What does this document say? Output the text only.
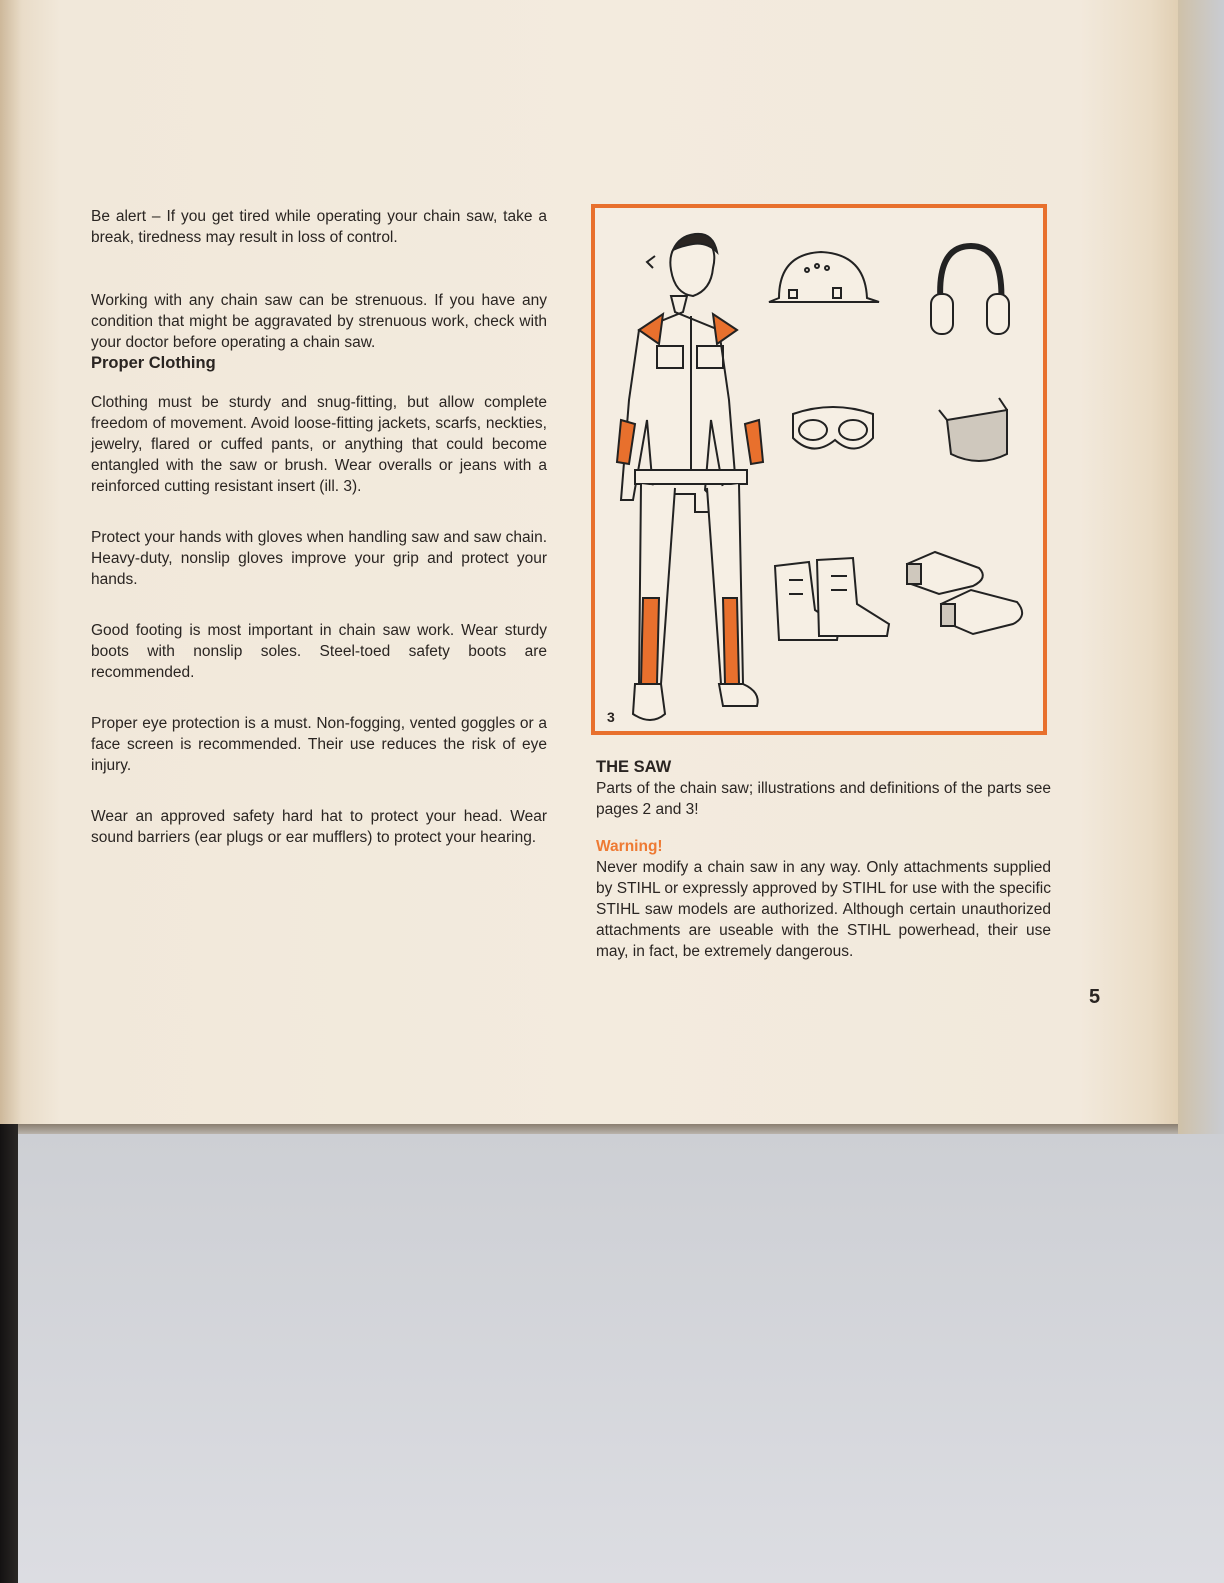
Be alert – If you get tired while operating your chain saw, take a break, tiredness may result in loss of control.

Working with any chain saw can be strenuous. If you have any condition that might be aggravated by strenuous work, check with your doctor before operating a chain saw.

Proper Clothing

Clothing must be sturdy and snug-fitting, but allow complete freedom of movement. Avoid loose-fitting jackets, scarfs, neckties, jewelry, flared or cuffed pants, or anything that could become entangled with the saw or brush. Wear overalls or jeans with a reinforced cutting resistant insert (ill. 3).

Protect your hands with gloves when handling saw and saw chain. Heavy-duty, nonslip gloves improve your grip and protect your hands.

Good footing is most important in chain saw work. Wear sturdy boots with nonslip soles. Steel-toed safety boots are recommended.

Proper eye protection is a must. Non-fogging, vented goggles or a face screen is recommended. Their use reduces the risk of eye injury.

Wear an approved safety hard hat to protect your head. Wear sound barriers (ear plugs or ear mufflers) to protect your hearing.

3

THE SAW

Parts of the chain saw; illustrations and definitions of the parts see pages 2 and 3!

Warning!

Never modify a chain saw in any way. Only attachments supplied by STIHL or expressly approved by STIHL for use with the specific STIHL saw models are authorized. Although certain unauthorized attachments are useable with the STIHL powerhead, their use may, in fact, be extremely dangerous.

5
